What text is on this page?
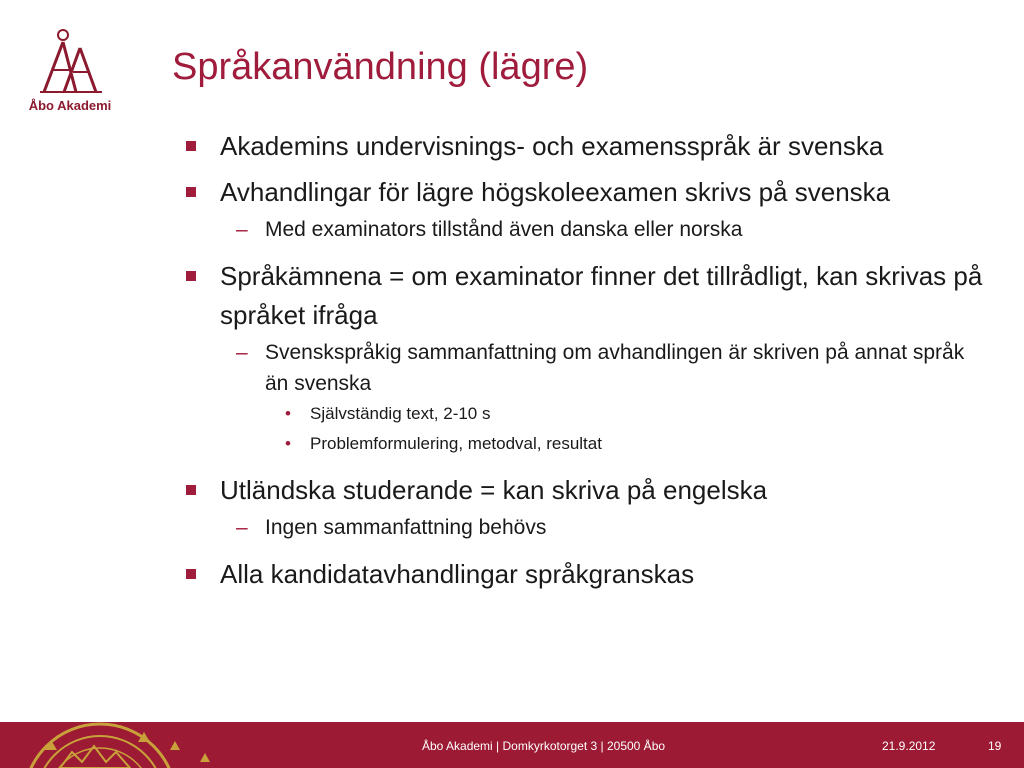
Åbo Akademi
Språkanvändning (lägre)
Akademins undervisnings- och examensspråk är svenska
Avhandlingar för lägre högskoleexamen skrivs på svenska
– Med examinators tillstånd även danska eller norska
Språkämnena = om examinator finner det tillrådligt, kan skrivas på språket ifråga
– Svenskspråkig sammanfattning om avhandlingen är skriven på annat språk än svenska
• Självständig text, 2-10 s
• Problemformulering, metodval, resultat
Utländska studerande = kan skriva på engelska
– Ingen sammanfattning behövs
Alla kandidatavhandlingar språkgranskas
Åbo Akademi | Domkyrkotorget 3 | 20500 Åbo	21.9.2012	19
